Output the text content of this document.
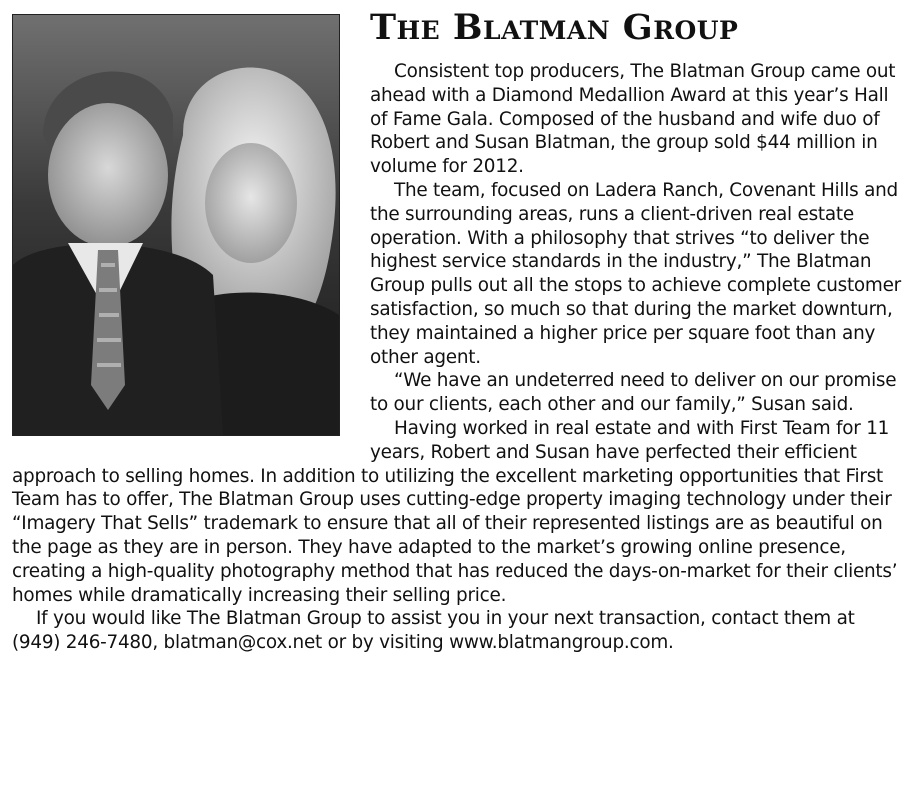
The Blatman Group

Consistent top producers, The Blatman Group came out ahead with a Diamond Medallion Award at this year’s Hall of Fame Gala. Composed of the husband and wife duo of Robert and Susan Blatman, the group sold $44 million in volume for 2012.

The team, focused on Ladera Ranch, Covenant Hills and the surrounding areas, runs a client-driven real estate operation. With a philosophy that strives “to deliver the highest service standards in the industry,” The Blatman Group pulls out all the stops to achieve complete customer satisfaction, so much so that during the market downturn, they maintained a higher price per square foot than any other agent.

“We have an undeterred need to deliver on our promise to our clients, each other and our family,” Susan said.

Having worked in real estate and with First Team for 11 years, Robert and Susan have perfected their efficient approach to selling homes. In addition to utilizing the excellent marketing opportunities that First Team has to offer, The Blatman Group uses cutting-edge property imaging technology under their “Imagery That Sells” trademark to ensure that all of their represented listings are as beautiful on the page as they are in person. They have adapted to the market’s growing online presence, creating a high-quality photography method that has reduced the days-on-market for their clients’ homes while dramatically increasing their selling price.

If you would like The Blatman Group to assist you in your next transaction, contact them at (949) 246-7480, blatman@cox.net or by visiting www.blatmangroup.com.
